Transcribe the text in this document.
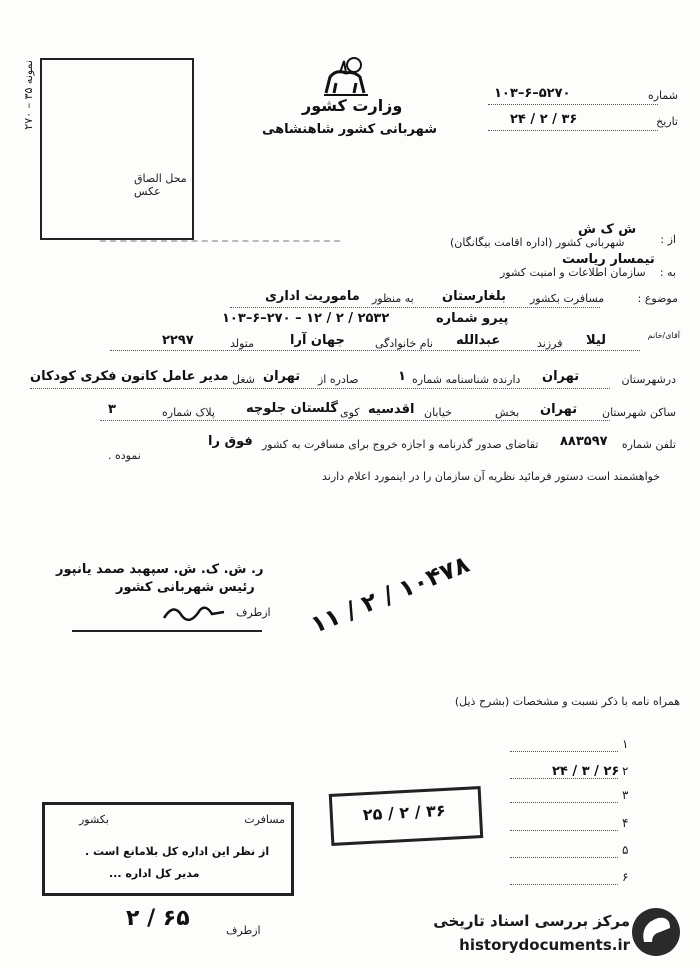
محل الصاق عکس
نمونه ۳۵ – ۲۷۰
وزارت کشور
شهربانی کشور شاهنشاهی
شماره
۵۲۷۰–۶–۱۰۳
تاریخ
۳۶ / ۲ / ۲۴
از :
ش ک ش
شهربانی کشور (اداره اقامت بیگانگان)
تیمسار ریاست
به :
سازمان اطلاعات و امنیت کشور
موضوع :
مسافرت بکشور
بلغارستان
به منظور
ماموریت اداری
پیرو شماره
۲۵۳۲ / ۲ / ۱۲ – ۲۷۰–۶–۱۰۳
آقای/خانم
لیلا
فرزند
عبدالله
نام خانوادگی
جهان آرا
متولد
۲۲۹۷
درشهرستان
تهران
دارنده شناسنامه شماره
۱
صادره از
تهران
شغل
مدیر عامل کانون فکری کودکان
ساکن شهرستان
تهران
بخش
خیابان
اقدسیه
کوی
گلستان جلوچه
پلاک شماره
۳
تلفن شماره
۸۸۳۵۹۷
تقاضای صدور گذرنامه و اجازه خروج برای مسافرت به کشور
فوق را
نموده .
خواهشمند است دستور فرمائید نظریه آن سازمان را در اینمورد اعلام دارند
ر. ش. ک. ش. سپهبد صمد یانپور
رئیس شهربانی کشور
ازطرف ۱۰۴۷۸ / ۲ / ۱۱
همراه نامه با ذکر نسبت و مشخصات (بشرح ذیل)
۱
۲
۳
۴
۵
۶
۲۶ / ۳ / ۲۴
مسافرت
بکشور
از نظر این اداره کل بلامانع است .
مدیر کل اداره ...
۳۶ / ۲ / ۲۵
۶۵ / ۲	ازطرف
مرکز بررسی اسناد تاریخی
historydocuments.ir
